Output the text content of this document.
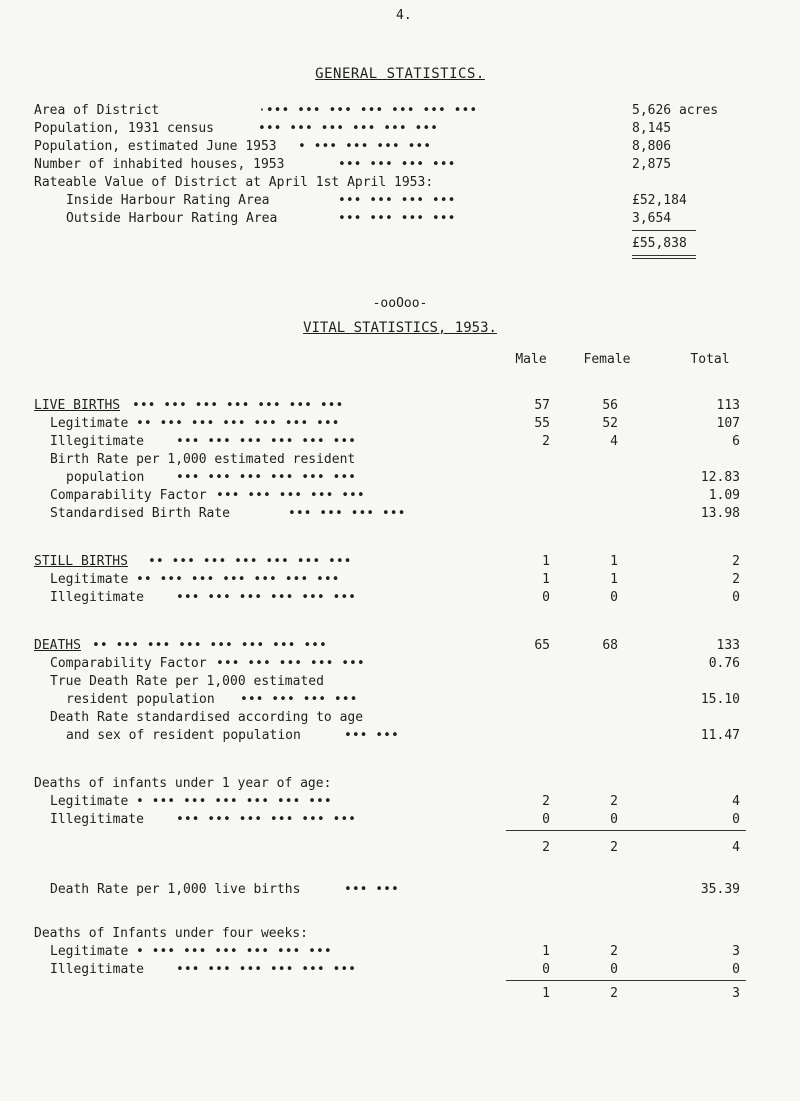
4.
GENERAL STATISTICS.
Area of District	·••• ••• ••• ••• ••• ••• •••	5,626 acres
Population, 1931 census	••• ••• ••• ••• ••• •••	8,145
Population, estimated June 1953 • ••• ••• ••• •••	8,806
Number of inhabited houses, 1953	••• ••• ••• •••	2,875
Rateable Value of District at April 1st April 1953:
Inside Harbour Rating Area	••• ••• ••• •••	£52,184
Outside Harbour Rating Area	••• ••• ••• •••	3,654
£55,838
-ooOoo-
VITAL STATISTICS, 1953.
Male	Female	Total
LIVE BIRTHS ••• ••• ••• ••• ••• ••• •••	57	56	113
Legitimate •• ••• ••• ••• ••• ••• •••	55	52	107
Illegitimate ••• ••• ••• ••• ••• •••	2	4	6
Birth Rate per 1,000 estimated resident
population ••• ••• ••• ••• ••• •••	12.83
Comparability Factor ••• ••• ••• ••• •••	1.09
Standardised Birth Rate	••• ••• ••• •••	13.98
STILL BIRTHS •• ••• ••• ••• ••• ••• •••	1	1	2
Legitimate •• ••• ••• ••• ••• ••• •••	1	1	2
Illegitimate ••• ••• ••• ••• ••• •••	0	0	0
DEATHS •• ••• ••• ••• ••• ••• ••• •••	65	68	133
Comparability Factor ••• ••• ••• ••• •••	0.76
True Death Rate per 1,000 estimated
resident population ••• ••• ••• •••	15.10
Death Rate standardised according to age
and sex of resident population	••• •••	11.47
Deaths of infants under 1 year of age:
Legitimate • ••• ••• ••• ••• ••• •••	2	2	4
Illegitimate ••• ••• ••• ••• ••• •••	0	0	0
2	2	4
Death Rate per 1,000 live births	••• •••	35.39
Deaths of Infants under four weeks:
Legitimate • ••• ••• ••• ••• ••• •••	1	2	3
Illegitimate ••• ••• ••• ••• ••• •••	0	0	0
1	2	3
